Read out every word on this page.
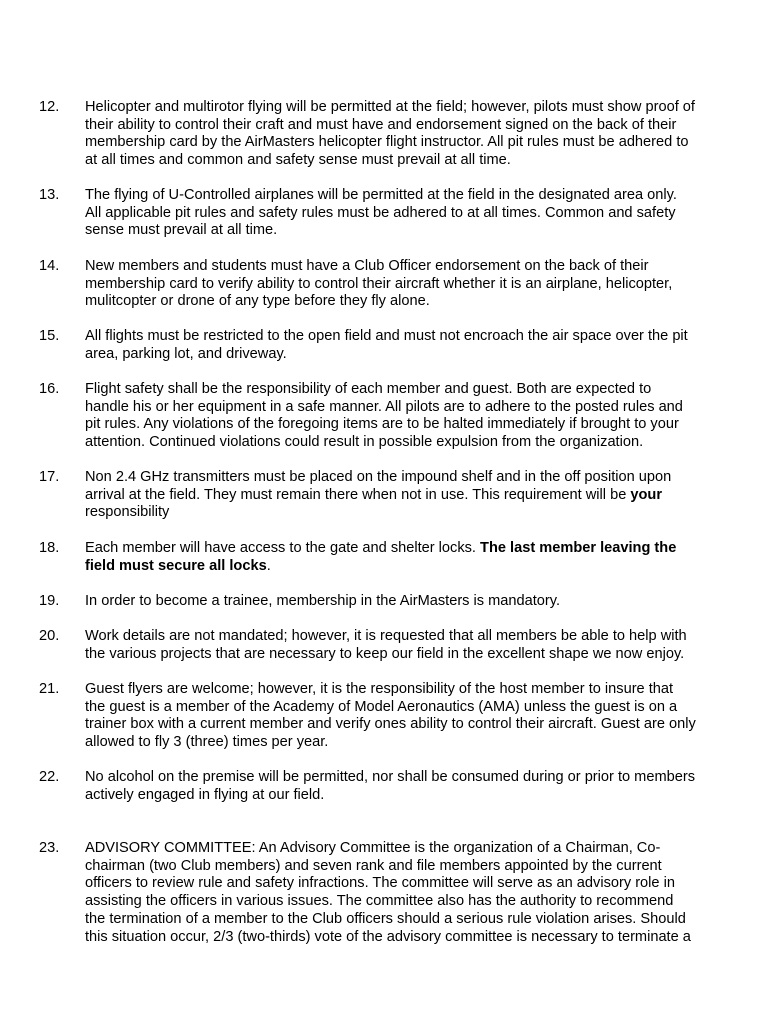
12. Helicopter and multirotor flying will be permitted at the field; however, pilots must show proof of
their ability to control their craft and must have and endorsement signed on the back of their
membership card by the AirMasters helicopter flight instructor. All pit rules must be adhered to
at all times and common and safety sense must prevail at all time.
13. The flying of U-Controlled airplanes will be permitted at the field in the designated area only.
All applicable pit rules and safety rules must be adhered to at all times. Common and safety
sense must prevail at all time.
14. New members and students must have a Club Officer endorsement on the back of their
membership card to verify ability to control their aircraft whether it is an airplane, helicopter,
mulitcopter or drone of any type before they fly alone.
15. All flights must be restricted to the open field and must not encroach the air space over the pit
area, parking lot, and driveway.
16. Flight safety shall be the responsibility of each member and guest. Both are expected to
handle his or her equipment in a safe manner. All pilots are to adhere to the posted rules and
pit rules. Any violations of the foregoing items are to be halted immediately if brought to your
attention. Continued violations could result in possible expulsion from the organization.
17. Non 2.4 GHz transmitters must be placed on the impound shelf and in the off position upon
arrival at the field. They must remain there when not in use. This requirement will be your
responsibility
18. Each member will have access to the gate and shelter locks. The last member leaving the
field must secure all locks.
19. In order to become a trainee, membership in the AirMasters is mandatory.
20. Work details are not mandated; however, it is requested that all members be able to help with
the various projects that are necessary to keep our field in the excellent shape we now enjoy.
21. Guest flyers are welcome; however, it is the responsibility of the host member to insure that
the guest is a member of the Academy of Model Aeronautics (AMA) unless the guest is on a
trainer box with a current member and verify ones ability to control their aircraft. Guest are only
allowed to fly 3 (three) times per year.
22. No alcohol on the premise will be permitted, nor shall be consumed during or prior to members
actively engaged in flying at our field.
23. ADVISORY COMMITTEE: An Advisory Committee is the organization of a Chairman, Co-
chairman (two Club members) and seven rank and file members appointed by the current
officers to review rule and safety infractions. The committee will serve as an advisory role in
assisting the officers in various issues. The committee also has the authority to recommend
the termination of a member to the Club officers should a serious rule violation arises. Should
this situation occur, 2/3 (two-thirds) vote of the advisory committee is necessary to terminate a
